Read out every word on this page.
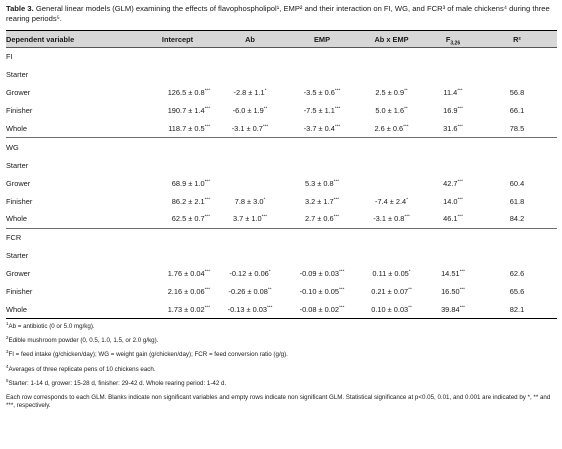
Table 3. General linear models (GLM) examining the effects of flavophospholipol¹, EMP² and their interaction on FI, WG, and FCR³ of male chickens⁴ during three rearing periods⁵.
Dependent variable	Intercept	Ab	EMP	Ab x EMP	$F_{3,26}$	R²
FI						
Starter						
Grower	126.5 ± 0.8***	-2.8 ± 1.1*	-3.5 ± 0.6***	2.5 ± 0.9**	11.4***	56.8
Finisher	190.7 ± 1.4***	-6.0 ± 1.9**	-7.5 ± 1.1***	5.0 ± 1.6**	16.9***	66.1
Whole	118.7 ± 0.5***	-3.1 ± 0.7***	-3.7 ± 0.4***	2.6 ± 0.6***	31.6***	78.5
WG						
Starter						
Grower	68.9 ± 1.0***		5.3 ± 0.8***		42.7***	60.4
Finisher	86.2 ± 2.1***	7.8 ± 3.0*	3.2 ± 1.7***	-7.4 ± 2.4*	14.0***	61.8
Whole	62.5 ± 0.7***	3.7 ± 1.0***	2.7 ± 0.6***	-3.1 ± 0.8***	46.1***	84.2
FCR						
Starter						
Grower	1.76 ± 0.04***	-0.12 ± 0.06*	-0.09 ± 0.03***	0.11 ± 0.05*	14.51***	62.6
Finisher	2.16 ± 0.06***	-0.26 ± 0.08**	-0.10 ± 0.05***	0.21 ± 0.07**	16.50***	65.6
Whole	1.73 ± 0.02***	-0.13 ± 0.03***	-0.08 ± 0.02***	0.10 ± 0.03**	39.84***	82.1
$^1$Ab = antibiotic (0 or 5.0 mg/kg).
$^2$Edible mushroom powder (0, 0.5, 1.0, 1.5, or 2.0 g/kg).
$^3$FI = feed intake (g/chicken/day); WG = weight gain (g/chicken/day); FCR = feed conversion ratio (g/g).
$^4$Averages of three replicate pens of 10 chickens each.
$^5$Starter: 1-14 d, grower: 15-28 d, finisher: 29-42 d. Whole rearing period: 1-42 d.
Each row corresponds to each GLM. Blanks indicate non significant variables and empty rows indicate non significant GLM. Statistical significance at p<0.05, 0.01, and 0.001 are indicated by *, ** and ***, respectively.
